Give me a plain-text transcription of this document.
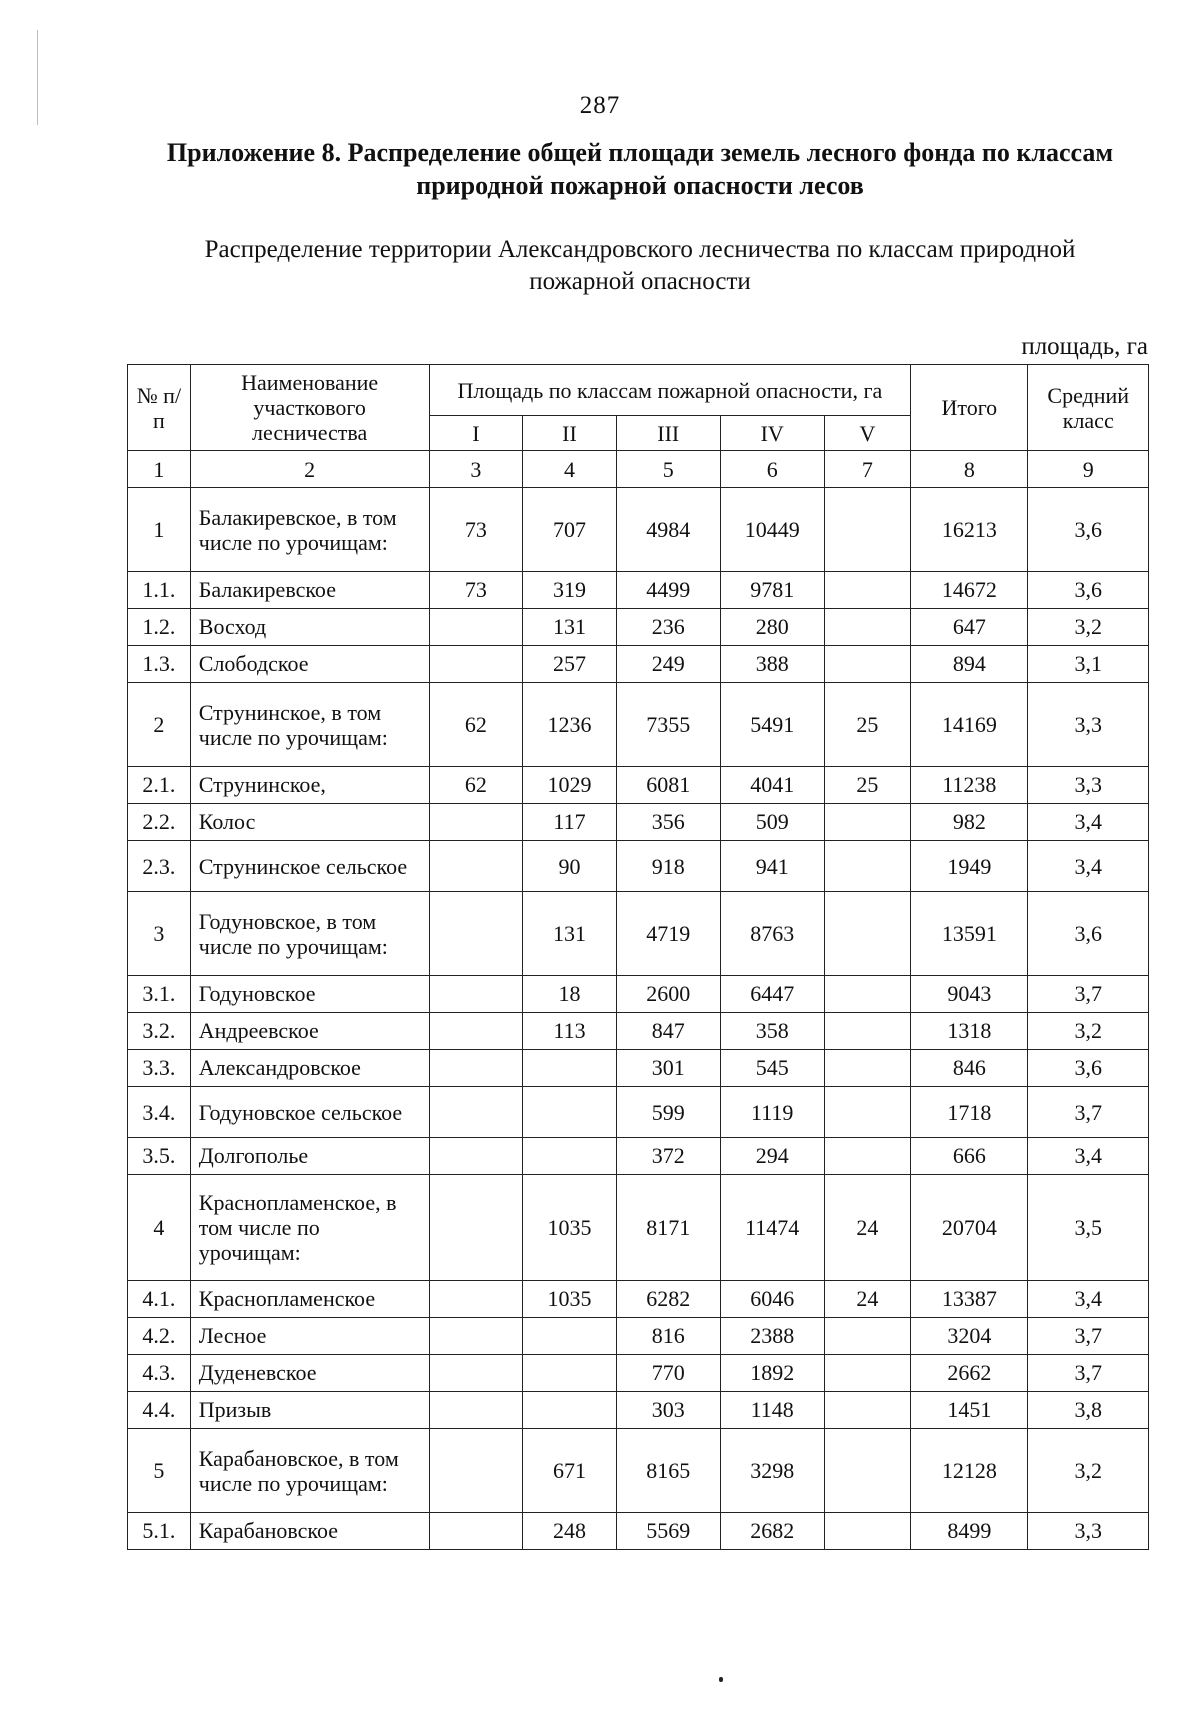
287
Приложение 8. Распределение общей площади земель лесного фонда по классам природной пожарной опасности лесов
Распределение территории Александровского лесничества по классам природной пожарной опасности
площадь, га
№ п/п	Наименование участкового лесничества	Площадь по классам пожарной опасности, га					Итого	Средний класс
		I	II	III	IV	V		
1	2	3	4	5	6	7	8	9
1	Балакиревское, в том числе по урочищам:	73	707	4984	10449		16213	3,6
1.1.	Балакиревское	73	319	4499	9781		14672	3,6
1.2.	Восход		131	236	280		647	3,2
1.3.	Слободское		257	249	388		894	3,1
2	Струнинское, в том числе по урочищам:	62	1236	7355	5491	25	14169	3,3
2.1.	Струнинское,	62	1029	6081	4041	25	11238	3,3
2.2.	Колос		117	356	509		982	3,4
2.3.	Струнинское сельское		90	918	941		1949	3,4
3	Годуновское, в том числе по урочищам:		131	4719	8763		13591	3,6
3.1.	Годуновское		18	2600	6447		9043	3,7
3.2.	Андреевское		113	847	358		1318	3,2
3.3.	Александровское			301	545		846	3,6
3.4.	Годуновское сельское			599	1119		1718	3,7
3.5.	Долгополье			372	294		666	3,4
4	Краснопламенское, в том числе по урочищам:		1035	8171	11474	24	20704	3,5
4.1.	Краснопламенское		1035	6282	6046	24	13387	3,4
4.2.	Лесное			816	2388		3204	3,7
4.3.	Дуденевское			770	1892		2662	3,7
4.4.	Призыв			303	1148		1451	3,8
5	Карабановское, в том числе по урочищам:		671	8165	3298		12128	3,2
5.1.	Карабановское		248	5569	2682		8499	3,3
